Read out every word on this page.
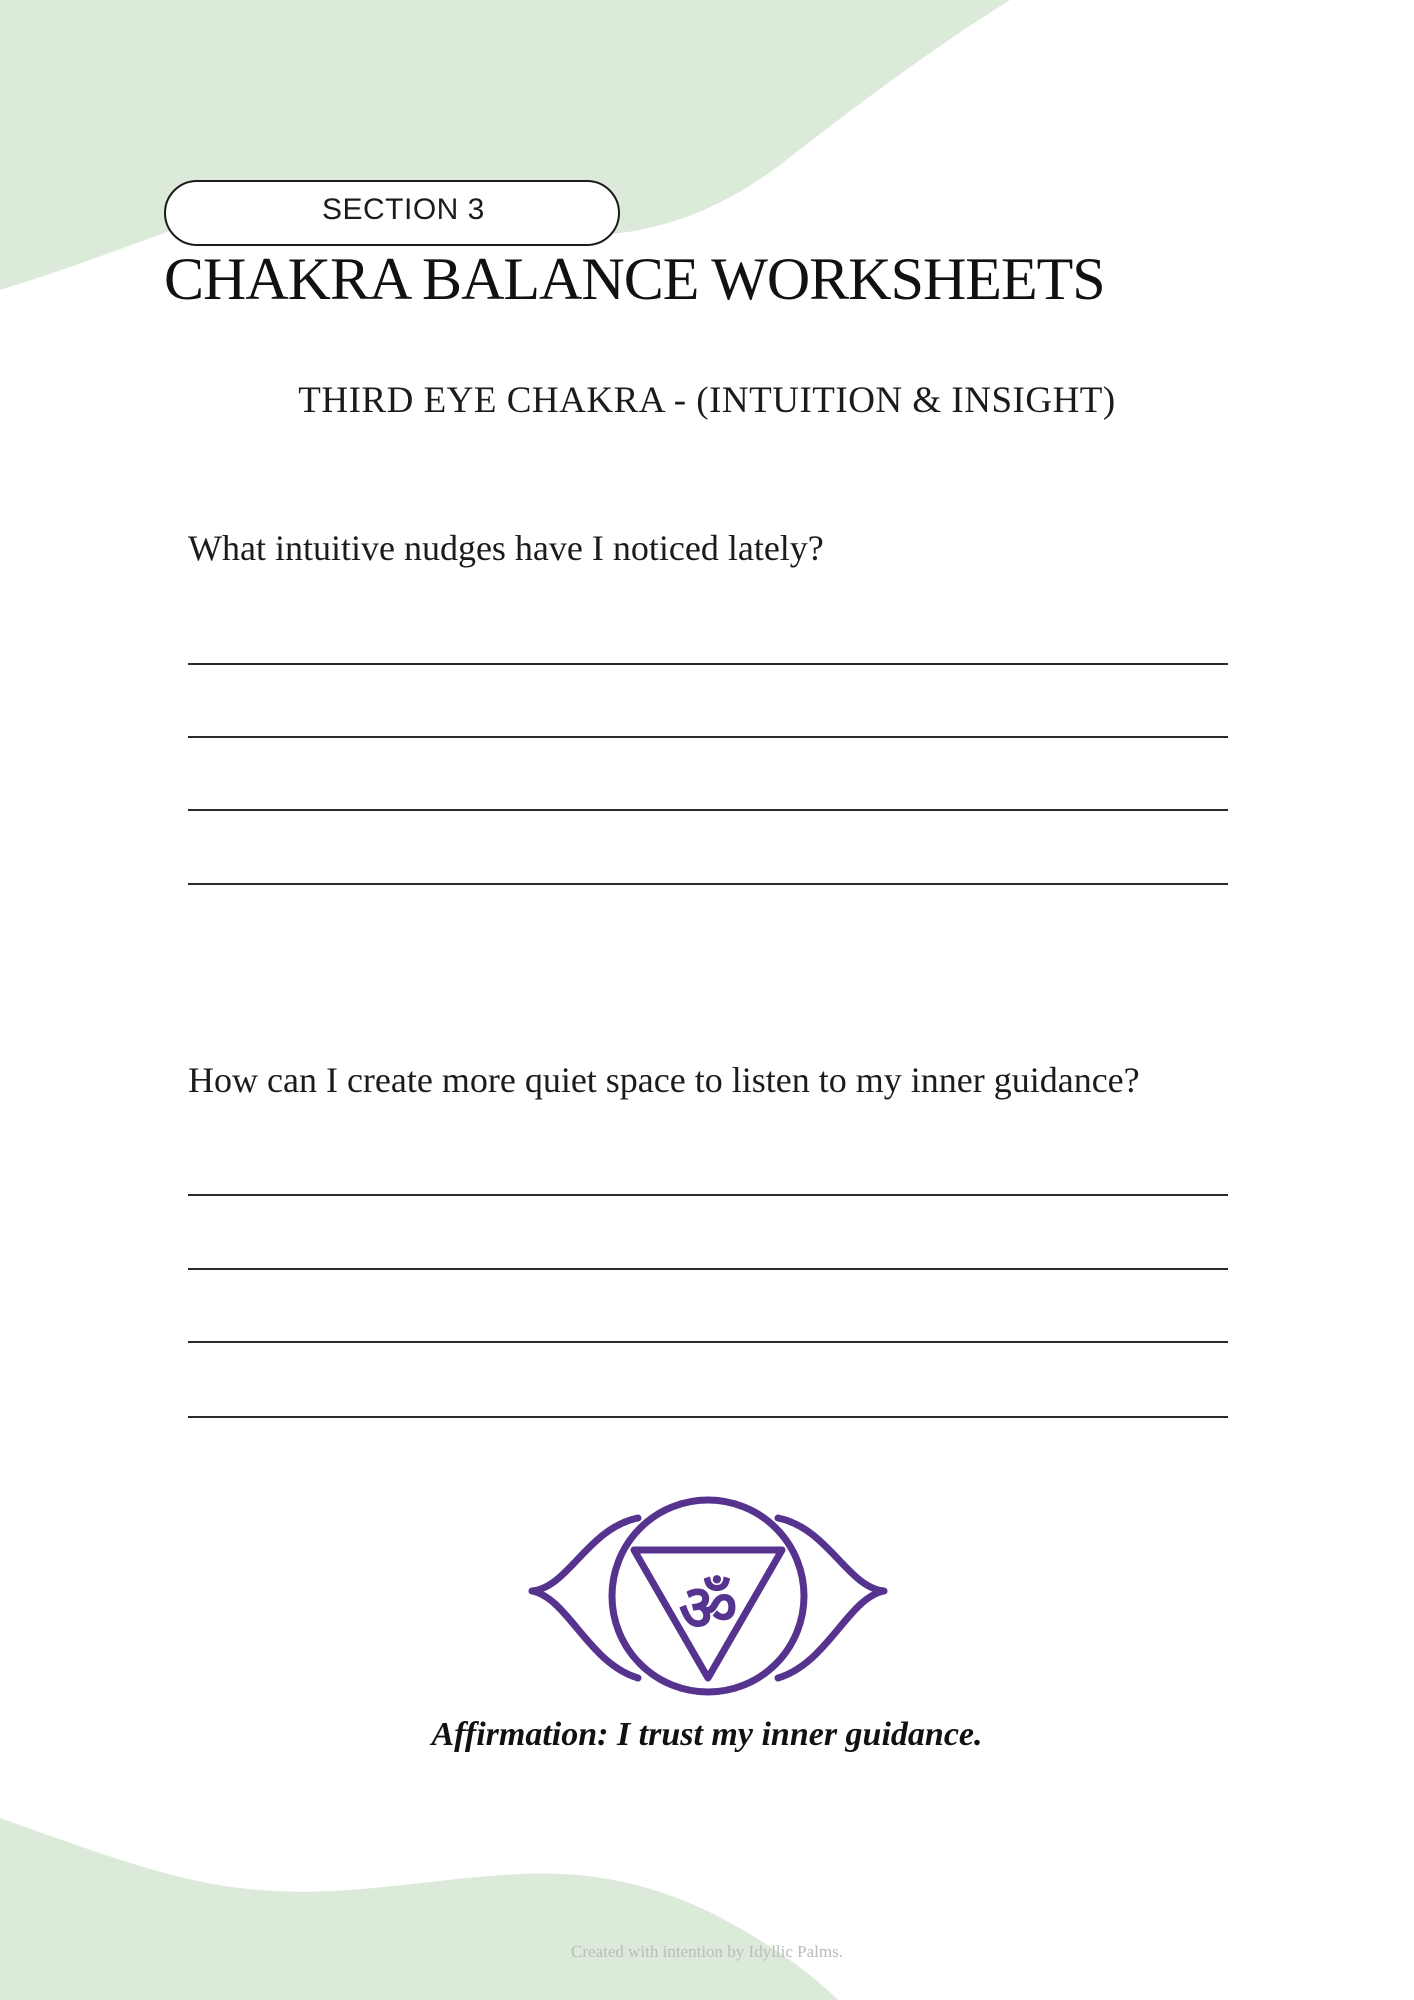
SECTION 3
CHAKRA BALANCE WORKSHEETS
THIRD EYE CHAKRA - (INTUITION & INSIGHT)
What intuitive nudges have I noticed lately?
How can I create more quiet space to listen to my inner guidance?
ॐ
Affirmation: I trust my inner guidance.
Created with intention by Idyllic Palms.
